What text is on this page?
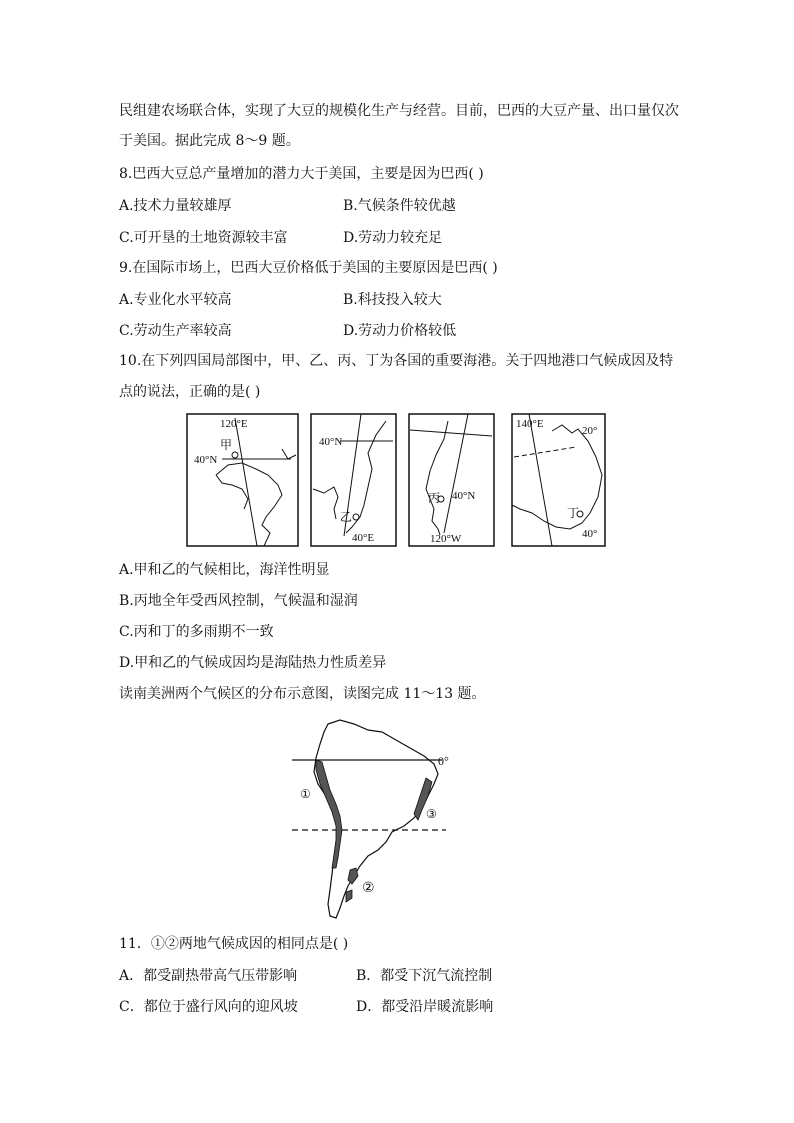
民组建农场联合体，实现了大豆的规模化生产与经营。目前，巴西的大豆产量、出口量仅次
于美国。据此完成 8～9 题。
8.巴西大豆总产量增加的潜力大于美国，主要是因为巴西( )
A.技术力量较雄厚	B.气候条件较优越
C.可开垦的土地资源较丰富	D.劳动力较充足
9.在国际市场上，巴西大豆价格低于美国的主要原因是巴西( )
A.专业化水平较高	B.科技投入较大
C.劳动生产率较高	D.劳动力价格较低
10.在下列四国局部图中，甲、乙、丙、丁为各国的重要海港。关于四地港口气候成因及特
点的说法，正确的是( )
120°E
甲
40°N
40°N
乙
40°E
丙 40°N
120°W
140°E
20°
丁
40°
A.甲和乙的气候相比，海洋性明显
B.丙地全年受西风控制，气候温和湿润
C.丙和丁的多雨期不一致
D.甲和乙的气候成因均是海陆热力性质差异
读南美洲两个气候区的分布示意图，读图完成 11～13 题。
0°
①
③
②
11．①②两地气候成因的相同点是( )
A．都受副热带高气压带影响	B．都受下沉气流控制
C．都位于盛行风向的迎风坡	D．都受沿岸暖流影响
